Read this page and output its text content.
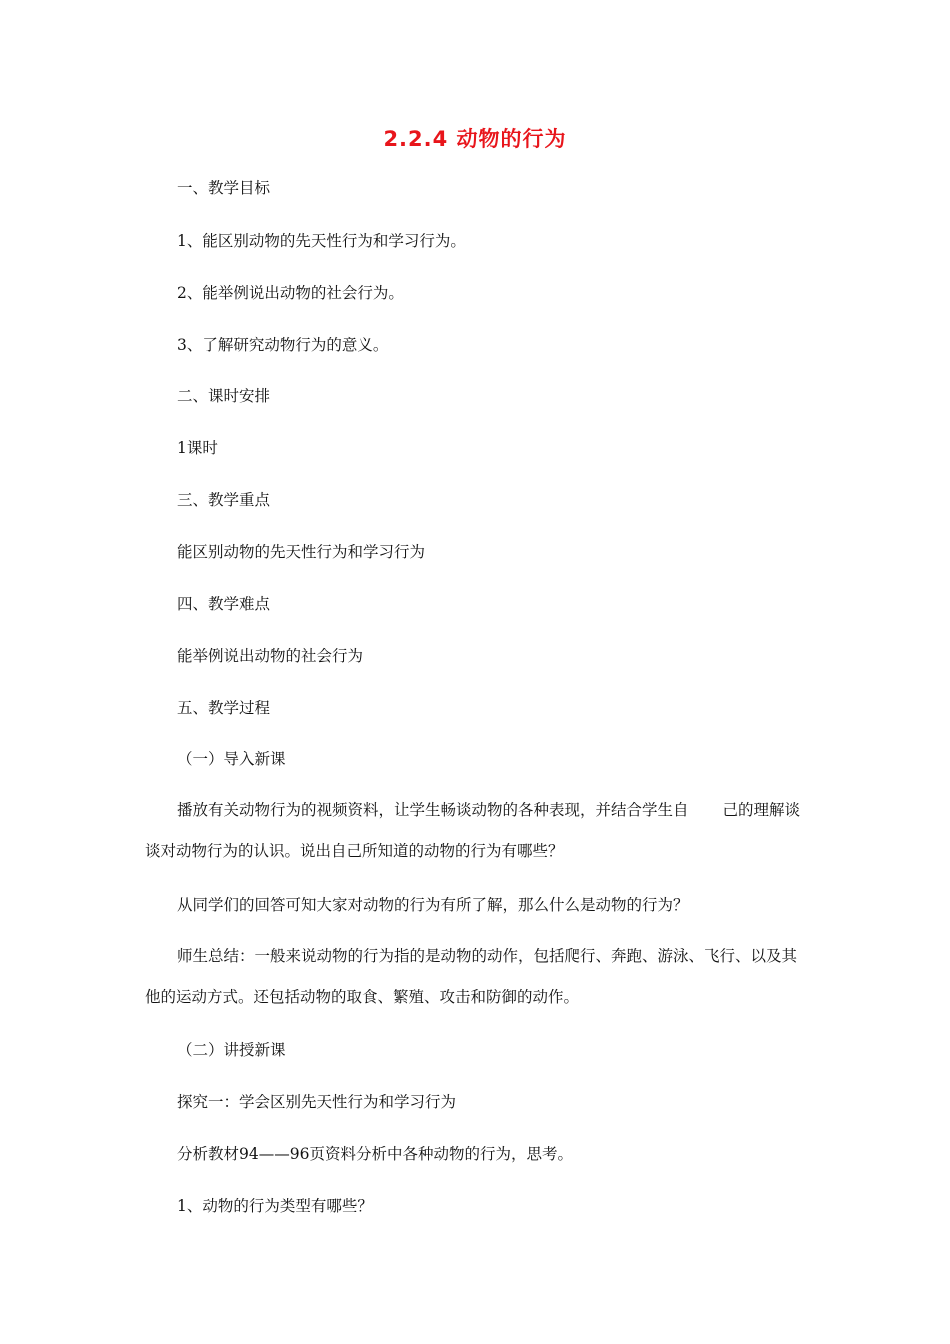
2.2.4 动物的行为
一、教学目标
1、能区别动物的先天性行为和学习行为。
2、能举例说出动物的社会行为。
3、了解研究动物行为的意义。
二、课时安排
1课时
三、教学重点
能区别动物的先天性行为和学习行为
四、教学难点
能举例说出动物的社会行为
五、教学过程
（一）导入新课
播放有关动物行为的视频资料，让学生畅谈动物的各种表现，并结合学生自 己的理解谈谈对动物行为的认识。说出自己所知道的动物的行为有哪些？
从同学们的回答可知大家对动物的行为有所了解，那么什么是动物的行为？
师生总结：一般来说动物的行为指的是动物的动作，包括爬行、奔跑、游泳、飞行、以及其他的运动方式。还包括动物的取食、繁殖、攻击和防御的动作。
（二）讲授新课
探究一：学会区别先天性行为和学习行为
分析教材94——96页资料分析中各种动物的行为，思考。
1、动物的行为类型有哪些？
